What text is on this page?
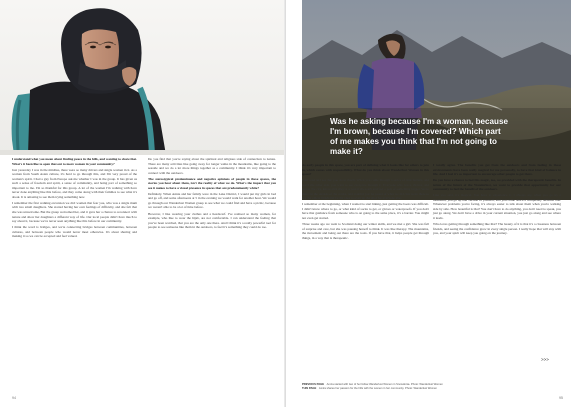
I understand what you mean about finding peace in the hills, and wanting to share that. What's it been like to open that out to more women in your community?

Just yesterday I was in the minibus, there were so many drivers and single women in it. As a woman from South Asian culture, it's hard to go through this, and I'm very proud of the women's spirit. I had a guy from Europe ask me whether I was in the group. It has given us such a sense of freedom and spirit, a sense of community, and being part of something so important to me. I'm so thankful for this group. A lot of the women I'm walking with have never done anything like this before, and they come along with their families to see what it's about. It is amazing to see them trying something new.

I remember the first walking excursion we did: women that fear you, who was a single mum with two small daughters. She started having her own feelings of difficulty, and she felt that she was unwelcome. But the group welcomed her, and it gave her a chance to reconnect with nature and show her daughters a different way of life. Our local people didn't have much to say about it, because we've never seen anything like this before in our community.

I think the word is bridges, and we're connecting bridges between communities, between cultures, and between people who would never meet otherwise. It's about sharing and making it so we can be accepted and feel valued.

Do you find that you're saying about the spiritual and religious side of connection to nature. There are many activities like going away for longer walks in the mountains, like going to the seaside and we do a lot more things together as a community. I think it's very important to connect with the outdoors.

The stereotypical predominance and negative opinions of people in these spaces, the stories you hear about them, isn't the reality of what we do. What's the impact that you see it makes to have a visual presence in spaces that are predominantly white?

Definitely. When Annie and her family were in the Lake District, I would put my girls in bed and go off, and some afternoons at 5 in the evening we would walk for another hour. We would go through our Wanderlust Women group to see what we could find and have a picnic, because we weren't able to be a lot of time before.

However, I like wearing your clothes and a headscarf. I've realised so many women, for example, who like to wear the hijab, are not comfortable. I can understand the feeling that you've been watched, that you are the only one there. And I think it's a really powerful tool for people to see someone like them in the outdoors, to feel it's something they could do too.

94
Was he asking because I'm a woman, because I'm brown, because I'm covered? Which part of me makes you think that I'm not going to make it?

As early people in this space, you are part of defining what it looks like for others to join in, which comes with responsibility. What do you think about Wanderlust Women in this space?

I did read and see that you do so much. When you come through a series of dark tunnels, and reach the other side, you want to see everyone through it. Everyone who loves, thrives, and leaves the city, knows that they're a part of the team and feel a part of something bigger. We're there on the outside of the centre, and couldn't just be proud of what we did, but we're there to see the others finish and be the ones to open up the door for everyone else.

I remember at the beginning, when I wanted to start hiking, just getting the boots was difficult. I didn't know where to go, or what kind of socks to get, or gloves or waterproofs. If you don't have that guidance from someone who is on going to the same place, it's a barrier. You might not even get started.

Three weeks ago we went to Scotland doing our winter skills, and we met a girl. She was full of surprise and care, but she was pausing herself to think. It was like therapy. The mountains, the movement and being out there are the tools. If you have that, it helps people get through things, in a way that is therapeutic.

I totally agree. The benefits you get from the outdoors and from feeling in those environments have been really magical for me personally, to have that kind of balance in life. And I feel it's so important to encourage other people to get there.

Do you have a chance to feel this magic, too, we provided with the therapeutic benefits. In terms of the future of the Wanderlust, we want to provide that opportunity for our community to feel the benefit of the outdoors.

Like you said, it's magical. You have to experience it. I always say, when you go up a mountain, you go up one version of yourself, and you come down a completely different one. Whenever problems you're facing, it's always easier to talk about them when you're walking side by side. How beautiful is that? You don't have to do anything, you don't need to speak, you just go along. We don't have a drive in your current situation, you just go along and see where it leads.

Who loves getting through something like that? The beauty of it is that it's a closeness between friends, and seeing the confidence grow in every single person. I really hope that will stay with you, and your spirit will keep you going on the journey.

>>>
PREVIOUS PAGE Amira started with two of her fellow Wanderlust Women in Snowdonia. Photo: Wanderlust Women
THIS PAGE Amira shares her passion for the hills with the women in her community. Photo: Wanderlust Women
95
